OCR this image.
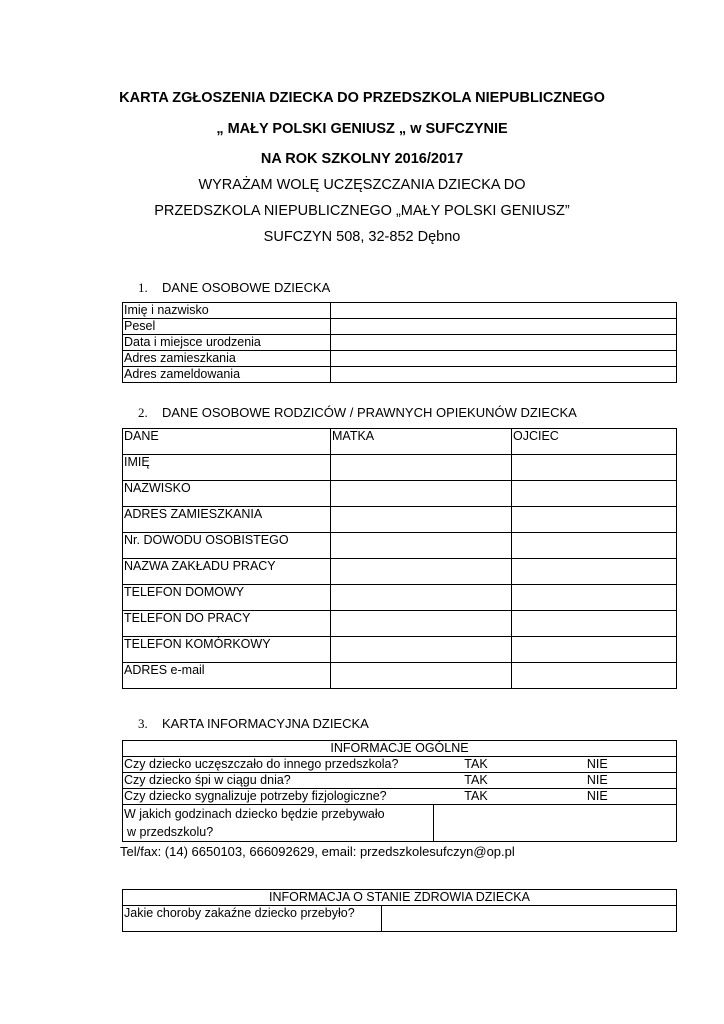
KARTA ZGŁOSZENIA DZIECKA DO PRZEDSZKOLA NIEPUBLICZNEGO
„ MAŁY POLSKI GENIUSZ „ w SUFCZYNIE
NA ROK SZKOLNY 2016/2017
WYRAŻAM WOLĘ UCZĘSZCZANIA DZIECKA DO
PRZEDSZKOLA NIEPUBLICZNEGO „MAŁY POLSKI GENIUSZ”
SUFCZYN 508, 32-852 Dębno
1. DANE OSOBOWE DZIECKA
Imię i nazwisko	
Pesel	
Data i miejsce urodzenia	
Adres zamieszkania	
Adres zameldowania	
2. DANE OSOBOWE RODZICÓW / PRAWNYCH OPIEKUNÓW DZIECKA
DANE	MATKA	OJCIEC
IMIĘ		
NAZWISKO		
ADRES ZAMIESZKANIA		
Nr. DOWODU OSOBISTEGO		
NAZWA ZAKŁADU PRACY		
TELEFON DOMOWY		
TELEFON DO PRACY		
TELEFON KOMÓRKOWY		
ADRES e-mail		
3. KARTA INFORMACYJNA DZIECKA
INFORMACJE OGÓLNE		
Czy dziecko uczęszczało do innego przedszkola?	TAK	NIE
Czy dziecko śpi w ciągu dnia?	TAK	NIE
Czy dziecko sygnalizuje potrzeby fizjologiczne?	TAK	NIE

W jakich godzinach dziecko będzie przebywało
w przedszkolu?		

Tel/fax: (14) 6650103, 666092629, email: przedszkolesufczyn@op.pl
INFORMACJA O STANIE ZDROWIA DZIECKA
Jakie choroby zakaźne dziecko przebyło?	
